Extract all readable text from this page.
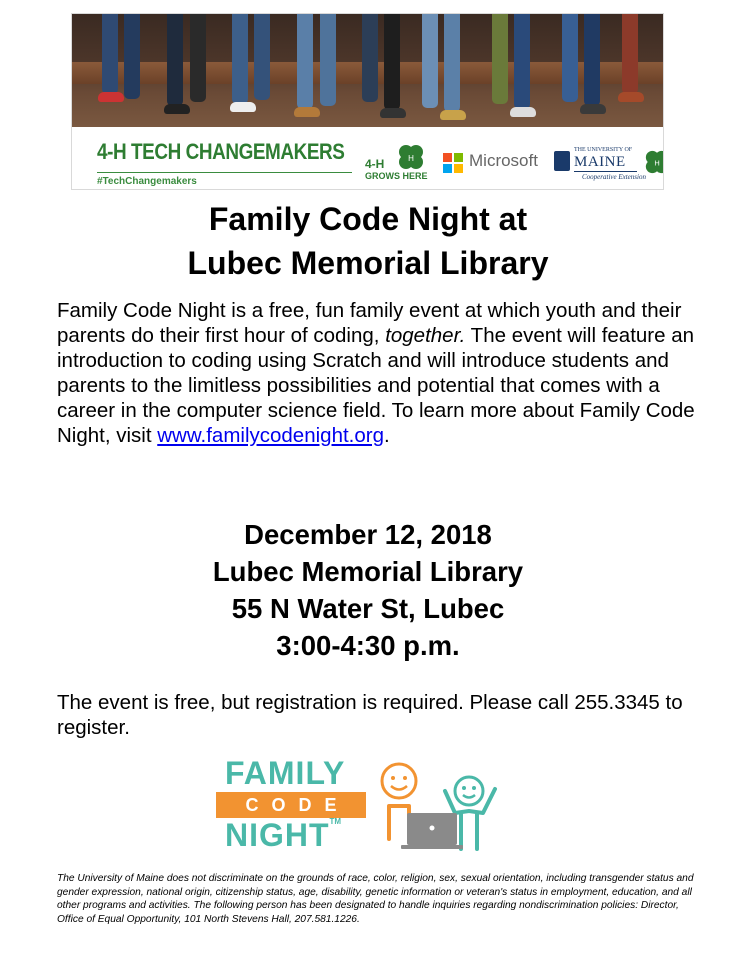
4-H TECH CHANGEMAKERS
#TechChangemakers
4-H	H
GROWS HERE
Microsoft
THE UNIVERSITY OF
MAINE
Cooperative Extension
H
Family Code Night at
Lubec Memorial Library
Family Code Night is a free, fun family event at which youth and their parents do their first hour of coding, together. The event will feature an introduction to coding using Scratch and will introduce students and parents to the limitless possibilities and potential that comes with a career in the computer science field. To learn more about Family Code Night, visit www.familycodenight.org.
December 12, 2018
Lubec Memorial Library
55 N Water St, Lubec
3:00-4:30 p.m.
The event is free, but registration is required. Please call 255.3345 to register.
FAMILY
CODE
NIGHT™
The University of Maine does not discriminate on the grounds of race, color, religion, sex, sexual orientation, including transgender status and gender expression, national origin, citizenship status, age, disability, genetic information or veteran's status in employment, education, and all other programs and activities. The following person has been designated to handle inquiries regarding nondiscrimination policies: Director, Office of Equal Opportunity, 101 North Stevens Hall, 207.581.1226.
